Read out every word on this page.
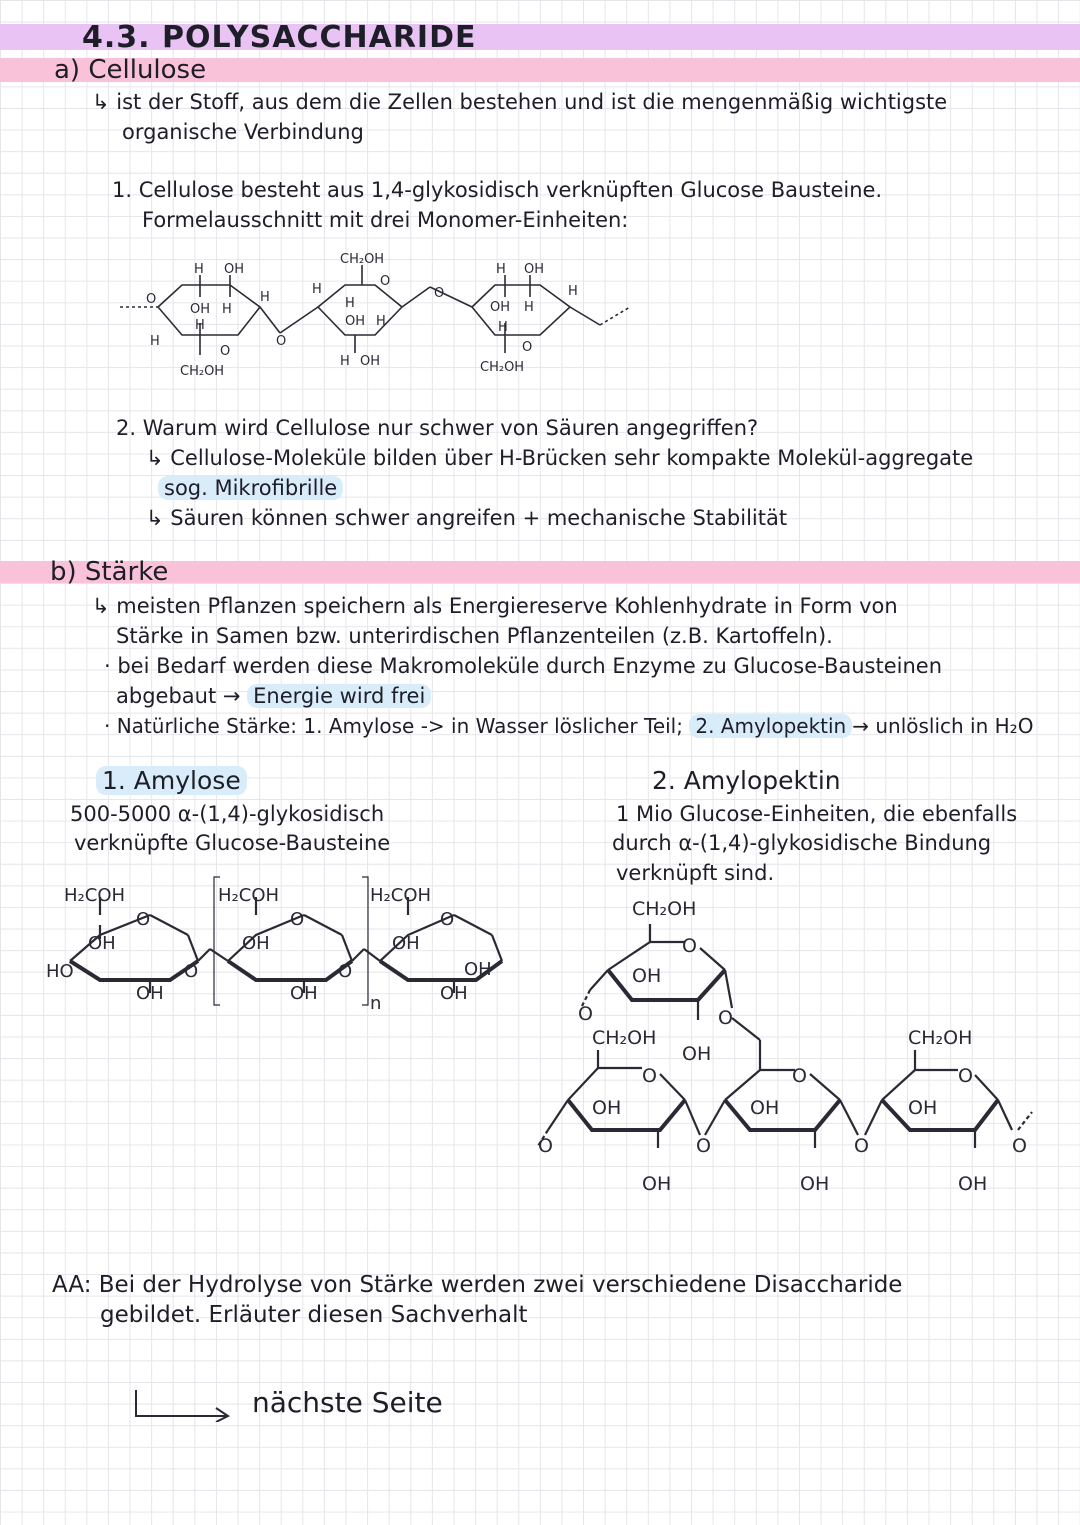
4.3. POLYSACCHARIDE
a) Cellulose
↳ ist der Stoff, aus dem die Zellen bestehen und ist die mengenmäßig wichtigste
organische Verbindung
1. Cellulose besteht aus 1,4-glykosidisch verknüpften Glucose Bausteine.
Formelausschnitt mit drei Monomer-Einheiten:
H OH
OH H
H
O
CH₂OH
H
O	H
O
H
CH₂OH
O
H
OH H
H OH
O
H OH
OH H
H
O
CH₂OH
H
2. Warum wird Cellulose nur schwer von Säuren angegriffen?
↳ Cellulose-Moleküle bilden über H-Brücken sehr kompakte Molekül-aggregate
sog. Mikrofibrille
↳ Säuren können schwer angreifen + mechanische Stabilität
b) Stärke
↳ meisten Pflanzen speichern als Energiereserve Kohlenhydrate in Form von
Stärke in Samen bzw. unterirdischen Pflanzenteilen (z.B. Kartoffeln).
· bei Bedarf werden diese Makromoleküle durch Enzyme zu Glucose-Bausteinen
abgebaut → Energie wird frei
· Natürliche Stärke: 1. Amylose -> in Wasser löslicher Teil; 2. Amylopektin → unlöslich in H₂O
1. Amylose
500-5000 α-(1,4)-glykosidisch
verknüpfte Glucose-Bausteine
H₂COH
O
OH
HO
OH
O
H₂COH
O
OH
OH
O
n
H₂COH
O
OH
OH
OH
2. Amylopektin
1 Mio Glucose-Einheiten, die ebenfalls
durch α-(1,4)-glykosidische Bindung
verknüpft sind.
CH₂OH
O
OH
O	O
CH₂OH
OH
O	O
CH₂OH
O
OH	OH	OH
O	O	O	O
OH	OH	OH
AA: Bei der Hydrolyse von Stärke werden zwei verschiedene Disaccharide
gebildet. Erläuter diesen Sachverhalt
nächste Seite
